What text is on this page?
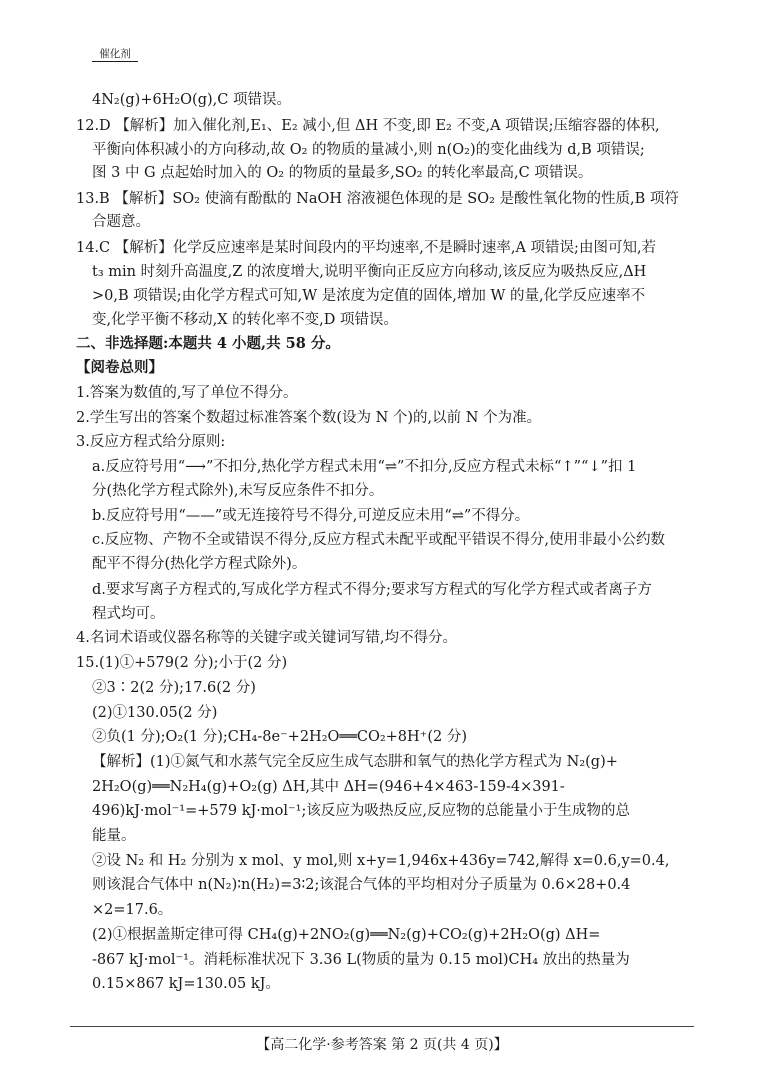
催化剂
4N₂(g)+6H₂O(g),C 项错误。
12.D 【解析】加入催化剂,E₁、E₂ 减小,但 ΔH 不变,即 E₂ 不变,A 项错误;压缩容器的体积,
平衡向体积减小的方向移动,故 O₂ 的物质的量减小,则 n(O₂)的变化曲线为 d,B 项错误;
图 3 中 G 点起始时加入的 O₂ 的物质的量最多,SO₂ 的转化率最高,C 项错误。
13.B 【解析】SO₂ 使滴有酚酞的 NaOH 溶液褪色体现的是 SO₂ 是酸性氧化物的性质,B 项符
合题意。
14.C 【解析】化学反应速率是某时间段内的平均速率,不是瞬时速率,A 项错误;由图可知,若
t₃ min 时刻升高温度,Z 的浓度增大,说明平衡向正反应方向移动,该反应为吸热反应,ΔH
>0,B 项错误;由化学方程式可知,W 是浓度为定值的固体,增加 W 的量,化学反应速率不
变,化学平衡不移动,X 的转化率不变,D 项错误。
二、非选择题:本题共 4 小题,共 58 分。
【阅卷总则】
1.答案为数值的,写了单位不得分。
2.学生写出的答案个数超过标准答案个数(设为 N 个)的,以前 N 个为准。
3.反应方程式给分原则:
a.反应符号用“⟶”不扣分,热化学方程式未用“⇌”不扣分,反应方程式未标“↑”“↓”扣 1
分(热化学方程式除外),未写反应条件不扣分。
b.反应符号用“——”或无连接符号不得分,可逆反应未用“⇌”不得分。
c.反应物、产物不全或错误不得分,反应方程式未配平或配平错误不得分,使用非最小公约数
配平不得分(热化学方程式除外)。
d.要求写离子方程式的,写成化学方程式不得分;要求写方程式的写化学方程式或者离子方
程式均可。
4.名词术语或仪器名称等的关键字或关键词写错,均不得分。
15.(1)①+579(2 分);小于(2 分)
②3∶2(2 分);17.6(2 分)
(2)①130.05(2 分)
②负(1 分);O₂(1 分);CH₄-8e⁻+2H₂O══CO₂+8H⁺(2 分)
【解析】(1)①氮气和水蒸气完全反应生成气态肼和氧气的热化学方程式为 N₂(g)+
2H₂O(g)══N₂H₄(g)+O₂(g) ΔH,其中 ΔH=(946+4×463-159-4×391-
496)kJ·mol⁻¹=+579 kJ·mol⁻¹;该反应为吸热反应,反应物的总能量小于生成物的总
能量。
②设 N₂ 和 H₂ 分别为 x mol、y mol,则 x+y=1,946x+436y=742,解得 x=0.6,y=0.4,
则该混合气体中 n(N₂)∶n(H₂)=3∶2;该混合气体的平均相对分子质量为 0.6×28+0.4
×2=17.6。
(2)①根据盖斯定律可得 CH₄(g)+2NO₂(g)══N₂(g)+CO₂(g)+2H₂O(g) ΔH=
-867 kJ·mol⁻¹。消耗标准状况下 3.36 L(物质的量为 0.15 mol)CH₄ 放出的热量为
0.15×867 kJ=130.05 kJ。
【高二化学·参考答案 第 2 页(共 4 页)】
